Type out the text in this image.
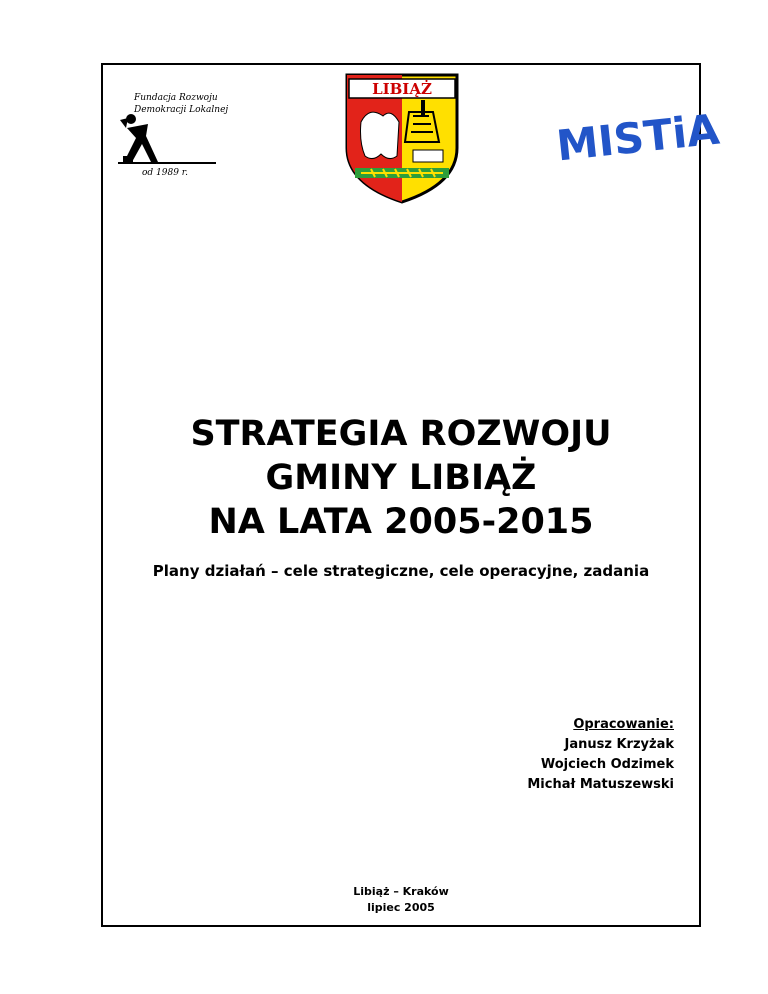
Fundacja Rozwoju
Demokracji Lokalnej
od 1989 r.
LIBIĄŻ
MISTiA
STRATEGIA ROZWOJU
GMINY LIBIĄŻ
NA LATA 2005-2015
Plany działań – cele strategiczne, cele operacyjne, zadania
Opracowanie:
Janusz Krzyżak
Wojciech Odzimek
Michał Matuszewski
Libiąż – Kraków
lipiec 2005
